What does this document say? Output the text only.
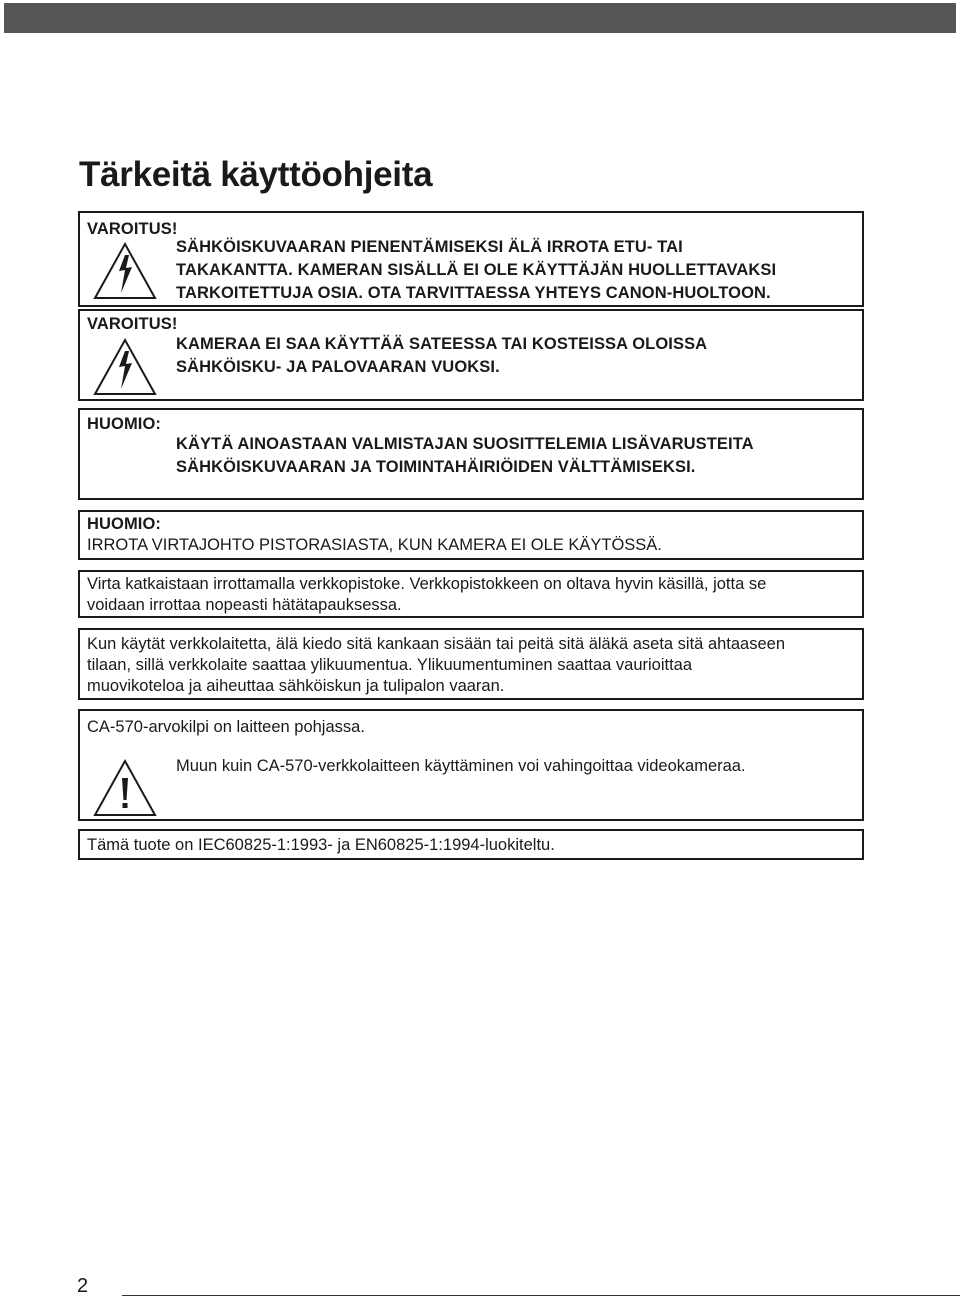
Tärkeitä käyttöohjeita
VAROITUS!

SÄHKÖISKUVAARAN PIENENTÄMISEKSI ÄLÄ IRROTA ETU- TAI

TAKAKANTTA. KAMERAN SISÄLLÄ EI OLE KÄYTTÄJÄN HUOLLETTAVAKSI

TARKOITETTUJA OSIA. OTA TARVITTAESSA YHTEYS CANON-HUOLTOON.

VAROITUS!

KAMERAA EI SAA KÄYTTÄÄ SATEESSA TAI KOSTEISSA OLOISSA

SÄHKÖISKU- JA PALOVAARAN VUOKSI.

HUOMIO:

KÄYTÄ AINOASTAAN VALMISTAJAN SUOSITTELEMIA LISÄVARUSTEITA

SÄHKÖISKUVAARAN JA TOIMINTAHÄIRIÖIDEN VÄLTTÄMISEKSI.

HUOMIO:
IRROTA VIRTAJOHTO PISTORASIASTA, KUN KAMERA EI OLE KÄYTÖSSÄ.

Virta katkaistaan irrottamalla verkkopistoke. Verkkopistokkeen on oltava hyvin käsillä, jotta se

voidaan irrottaa nopeasti hätätapauksessa.

Kun käytät verkkolaitetta, älä kiedo sitä kankaan sisään tai peitä sitä äläkä aseta sitä ahtaaseen

tilaan, sillä verkkolaite saattaa ylikuumentua. Ylikuumentuminen saattaa vaurioittaa

muovikoteloa ja aiheuttaa sähköiskun ja tulipalon vaaran.

CA-570-arvokilpi on laitteen pohjassa.
Muun kuin CA-570-verkkolaitteen käyttäminen voi vahingoittaa videokameraa.
Tämä tuote on IEC60825-1:1993- ja EN60825-1:1994-luokiteltu.
2
